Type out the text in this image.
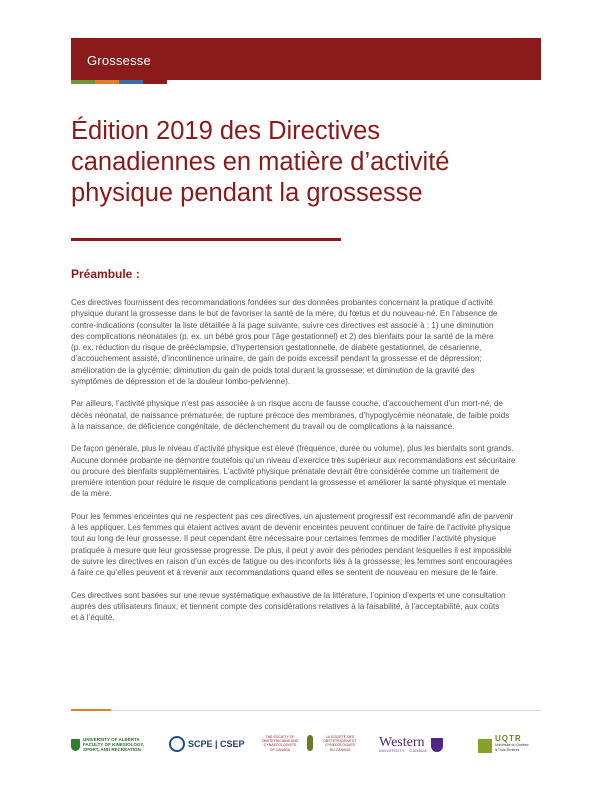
Grossesse
Édition 2019 des Directives
canadiennes en matière d’activité
physique pendant la grossesse
Préambule :

Ces directives fournissent des recommandations fondées sur des données probantes concernant la pratique d’activité
physique durant la grossesse dans le but de favoriser la santé de la mère, du fœtus et du nouveau-né. En l’absence de
contre-indications (consulter la liste détaillée à la page suivante, suivre ces directives est associé à : 1) une diminution
des complications néonatales (p. ex. un bébé gros pour l’âge gestationnel) et 2) des bienfaits pour la santé de la mère
(p. ex. réduction du risque de prééclampsie, d’hypertension gestationnelle, de diabète gestationnel, de césarienne,
d’accouchement assisté, d’incontinence urinaire, de gain de poids excessif pendant la grossesse et de dépression;
amélioration de la glycémie; diminution du gain de poids total durant la grossesse; et diminution de la gravité des
symptômes de dépression et de la douleur lombo-pelvienne).

Par ailleurs, l’activité physique n’est pas associée à un risque accru de fausse couche, d’accouchement d’un mort-né, de
décès néonatal, de naissance prématurée; de rupture précoce des membranes, d’hypoglycémie néonatale, de faible poids
à la naissance, de déficience congénitale, de déclenchement du travail ou de complications à la naissance.

De façon générale, plus le niveau d’activité physique est élevé (fréquence, durée ou volume), plus les bienfaits sont grands.
Aucune donnée probante ne démontre toutefois qu’un niveau d’exercice très supérieur aux recommandations est sécuritaire
ou procure des bienfaits supplémentaires. L’activité physique prénatale devrait être considérée comme un traitement de
première intention pour réduire le risque de complications pendant la grossesse et améliorer la santé physique et mentale
de la mère.

Pour les femmes enceintes qui ne respectent pas ces directives, un ajustement progressif est recommandé afin de parvenir
à les appliquer. Les femmes qui étaient actives avant de devenir enceintes peuvent continuer de faire de l’activité physique
tout au long de leur grossesse. Il peut cependant être nécessaire pour certaines femmes de modifier l’activité physique
pratiquée à mesure que leur grossesse progresse. De plus, il peut y avoir des périodes pendant lesquelles il est impossible
de suivre les directives en raison d’un excès de fatigue ou des inconforts liés à la grossesse; les femmes sont encouragées
à faire ce qu’elles peuvent et à revenir aux recommandations quand elles se sentent de nouveau en mesure de le faire.

Ces directives sont basées sur une revue systématique exhaustive de la littérature, l’opinion d’experts et une consultation
auprès des utilisateurs finaux, et tiennent compte des considérations relatives à la faisabilité, à l’acceptabilité, aux coûts
et à l’équité.

UNIVERSITY OF ALBERTA
FACULTY OF KINESIOLOGY,
SPORT, AND RECREATION
SCPE | CSEP
THE SOCIETY OF
OBSTETRICIANS AND
GYNAECOLOGISTS
OF CANADA
LA SOCIÉTÉ DES
OBSTÉTRICIENS ET
GYNÉCOLOGUES
DU CANADA	Western
UNIVERSITY · CANADA
UQTR
Université du Québec
à Trois-Rivières
